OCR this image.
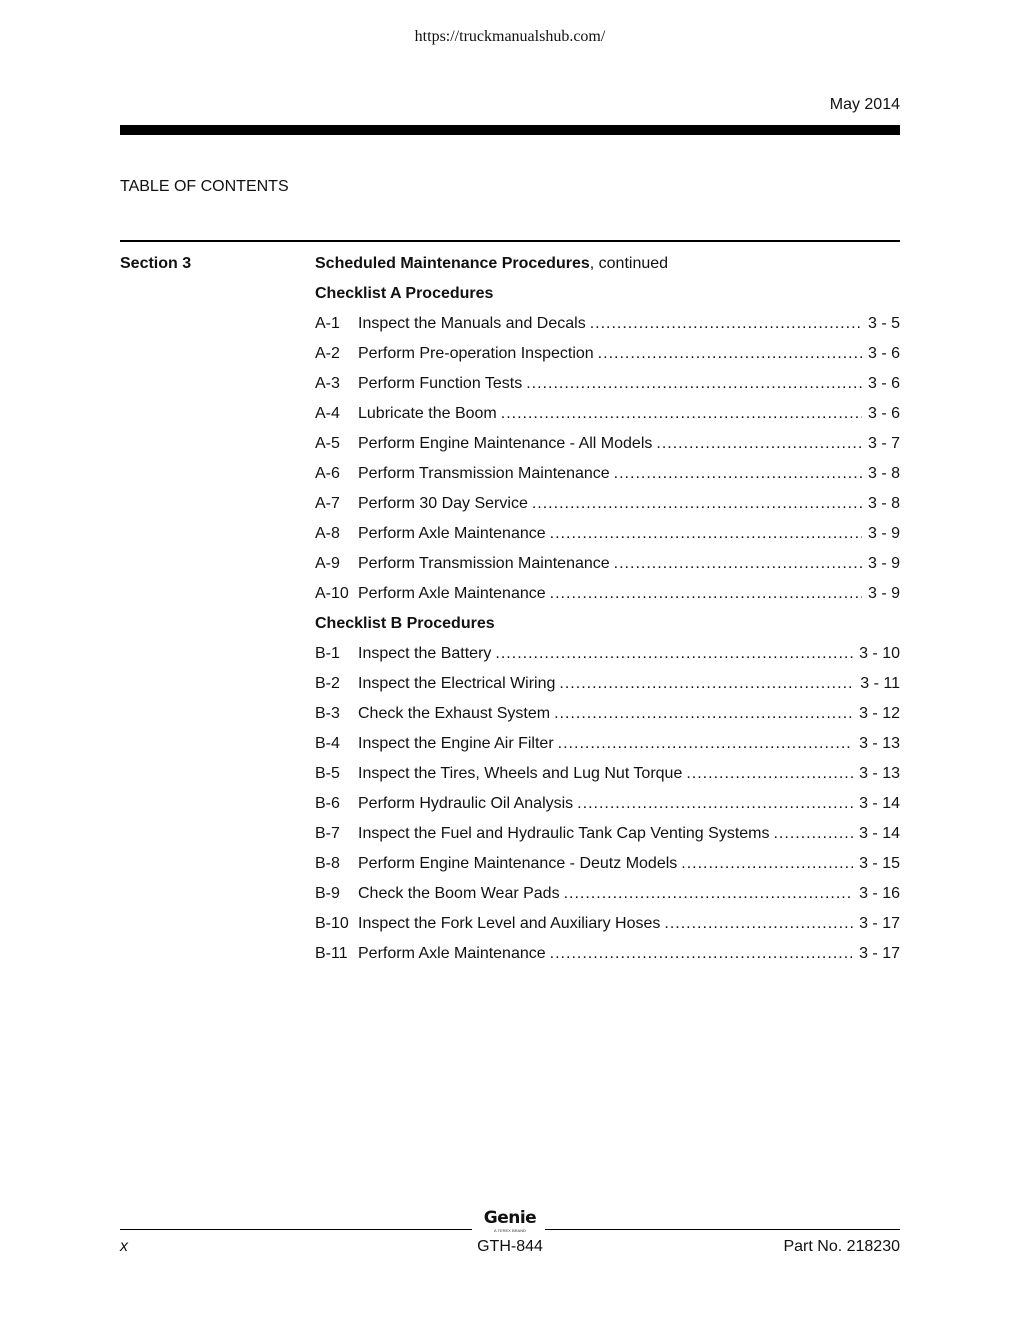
https://truckmanualshub.com/
May 2014
TABLE OF CONTENTS
Section 3	Scheduled Maintenance Procedures, continued
Checklist A Procedures
A-1	Inspect the Manuals and Decals .....	3 - 5
A-2	Perform Pre-operation Inspection .....	3 - 6
A-3	Perform Function Tests .....	3 - 6
A-4	Lubricate the Boom .....	3 - 6
A-5	Perform Engine Maintenance - All Models .....	3 - 7
A-6	Perform Transmission Maintenance .....	3 - 8
A-7	Perform 30 Day Service .....	3 - 8
A-8	Perform Axle Maintenance .....	3 - 9
A-9	Perform Transmission Maintenance .....	3 - 9
A-10 Perform Axle Maintenance .....	3 - 9
Checklist B Procedures
B-1	Inspect the Battery .....	3 - 10
B-2	Inspect the Electrical Wiring .....	3 - 11
B-3	Check the Exhaust System .....	3 - 12
B-4	Inspect the Engine Air Filter .....	3 - 13
B-5	Inspect the Tires, Wheels and Lug Nut Torque .....	3 - 13
B-6	Perform Hydraulic Oil Analysis .....	3 - 14
B-7	Inspect the Fuel and Hydraulic Tank Cap Venting Systems .....	3 - 14
B-8	Perform Engine Maintenance - Deutz Models .....	3 - 15
B-9	Check the Boom Wear Pads .....	3 - 16
B-10 Inspect the Fork Level and Auxiliary Hoses .....	3 - 17
B-11 Perform Axle Maintenance .....	3 - 17
Genie
A TEREX BRAND
x	GTH-844	Part No. 218230
